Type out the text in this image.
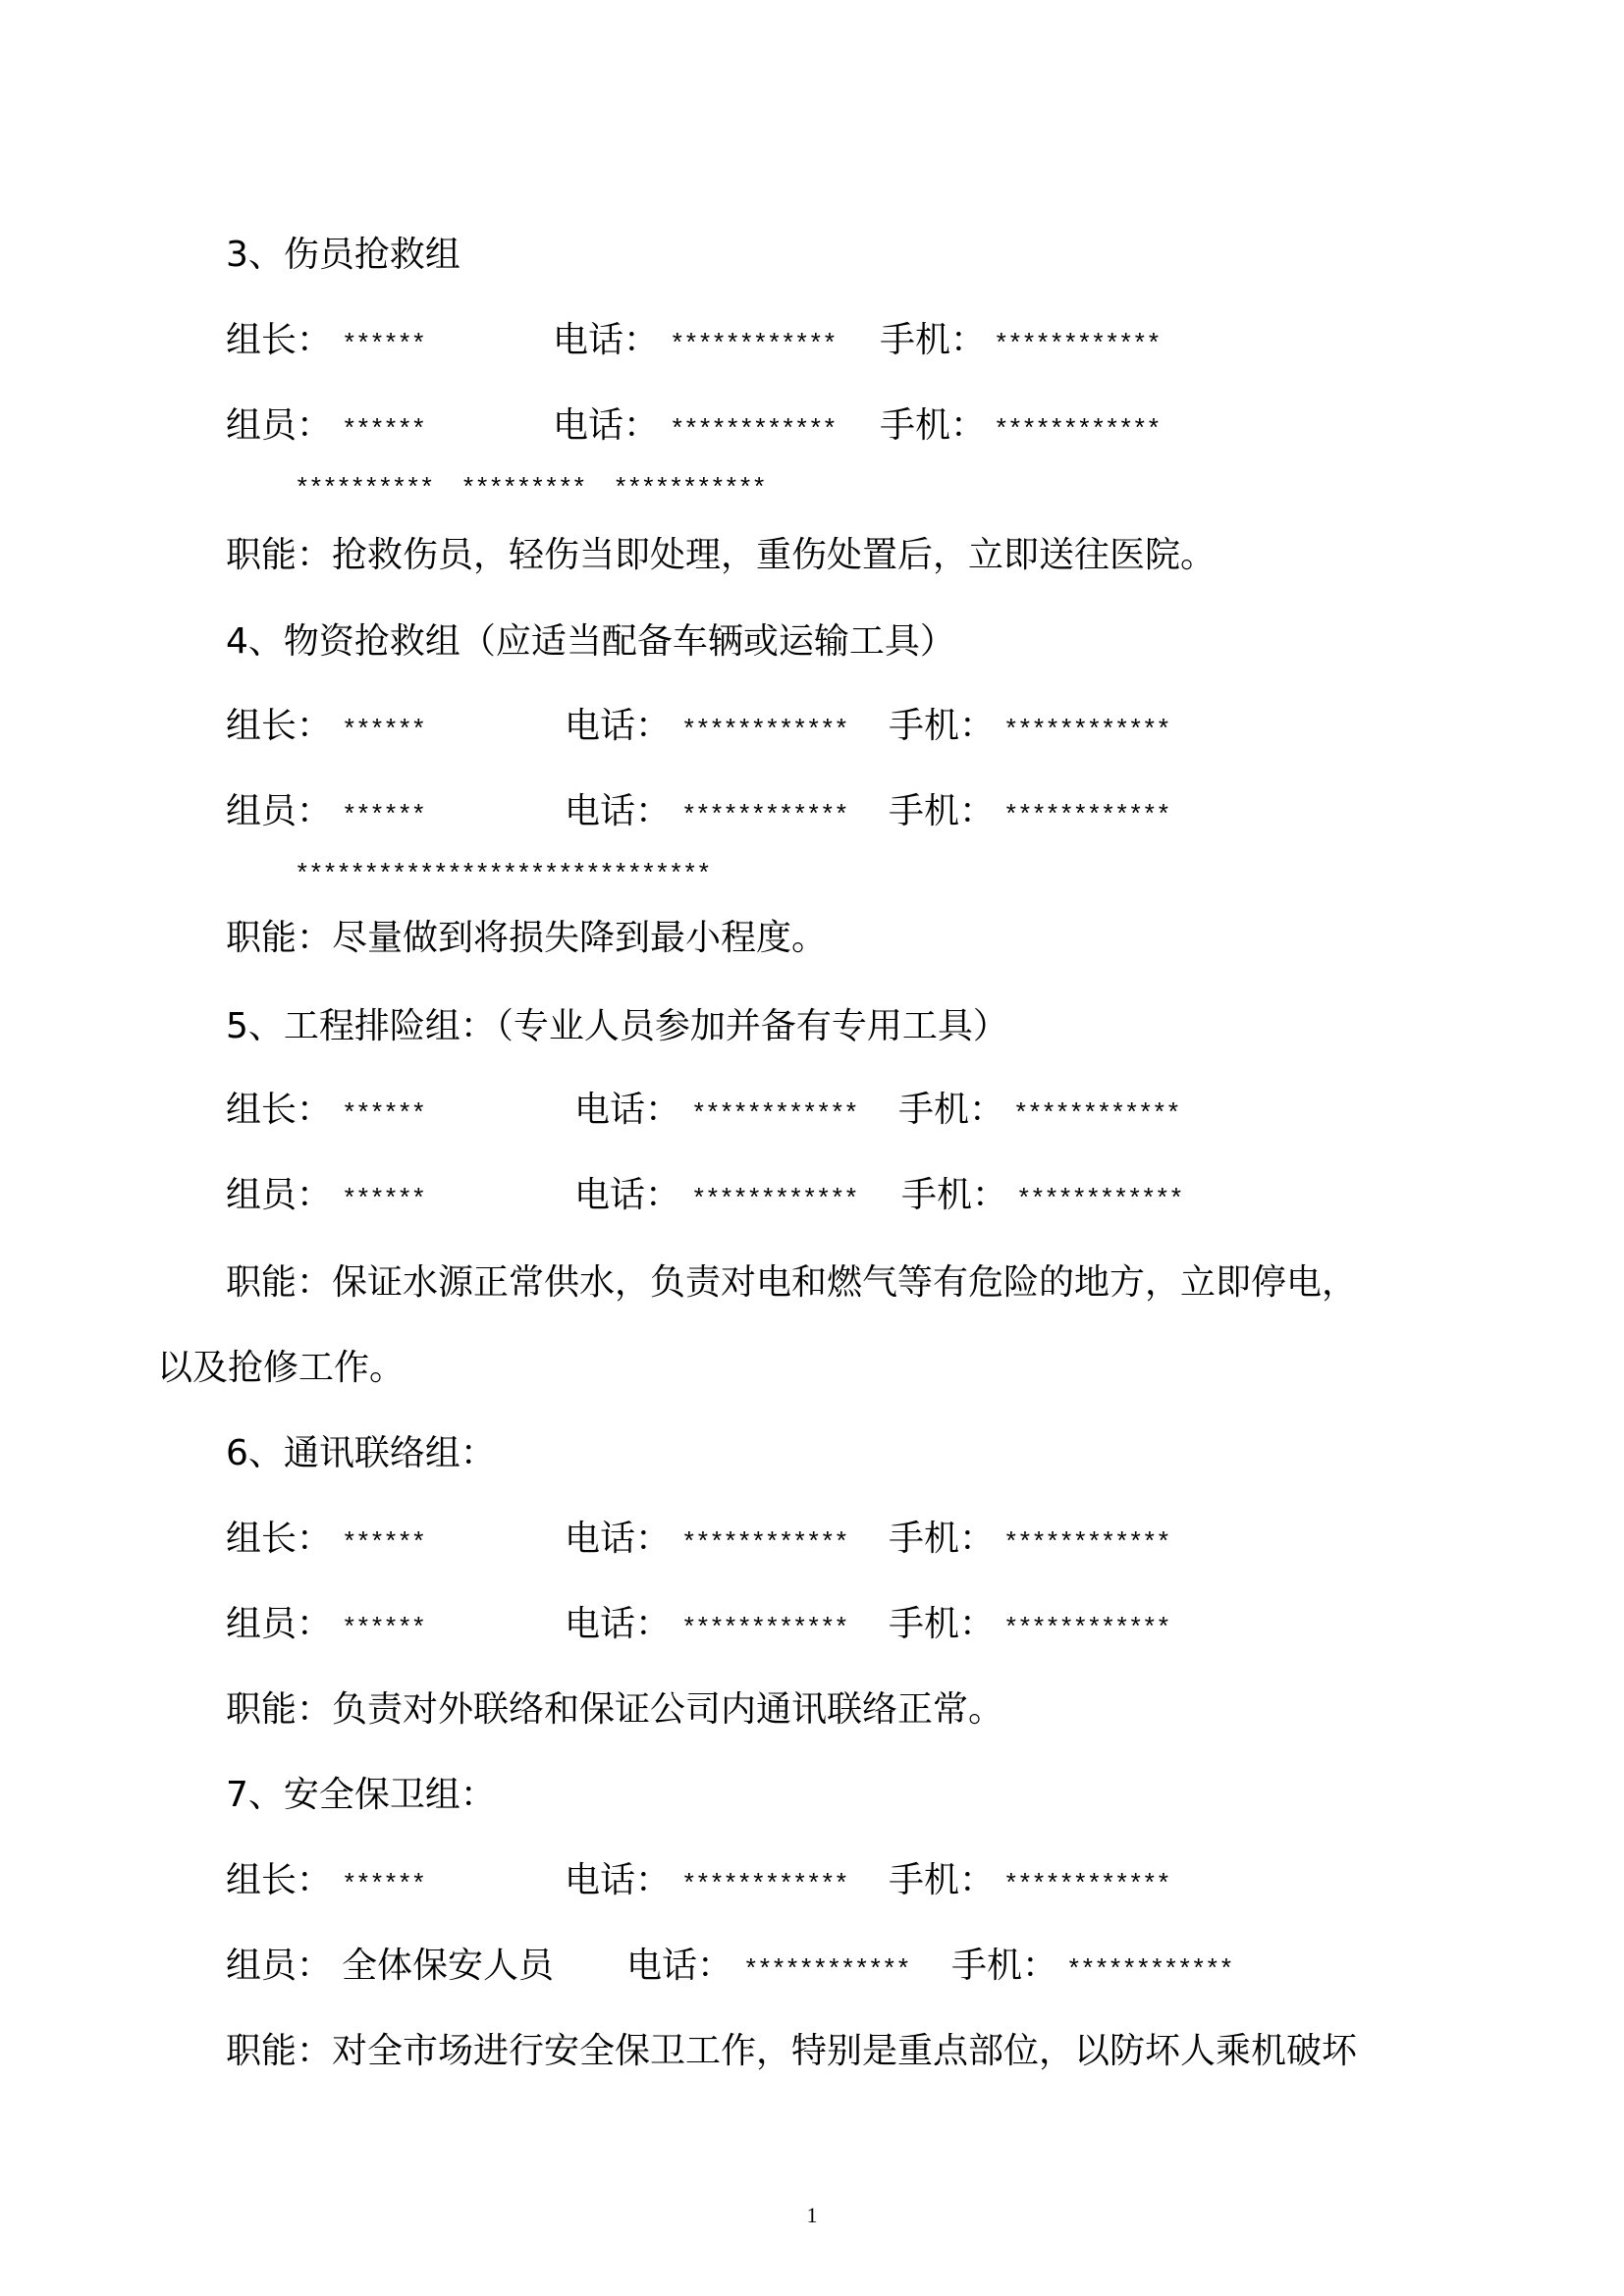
3、伤员抢救组
组长： ******	电话： ************ 手机： ************
组员： ******	电话： ************ 手机： ************
**********  *********  ***********
职能：抢救伤员，轻伤当即处理，重伤处置后，立即送往医院。
4、物资抢救组（应适当配备车辆或运输工具）
组长： ******	电话： ************ 手机： ************
组员： ******	电话： ************ 手机： ************
******************************
职能：尽量做到将损失降到最小程度。
5、工程排险组：（专业人员参加并备有专用工具）
组长： ******	电话： ************ 手机： ************
组员： ******	电话： ************ 手机： ************
职能：保证水源正常供水，负责对电和燃气等有危险的地方，立即停电，
以及抢修工作。
6、通讯联络组：
组长： ******	电话： ************ 手机： ************
组员： ******	电话： ************ 手机： ************
职能：负责对外联络和保证公司内通讯联络正常。
7、安全保卫组：
组长： ******	电话： ************ 手机： ************
组员： 全体保安人员 电话： ************ 手机： ************
职能：对全市场进行安全保卫工作，特别是重点部位，以防坏人乘机破坏
1
